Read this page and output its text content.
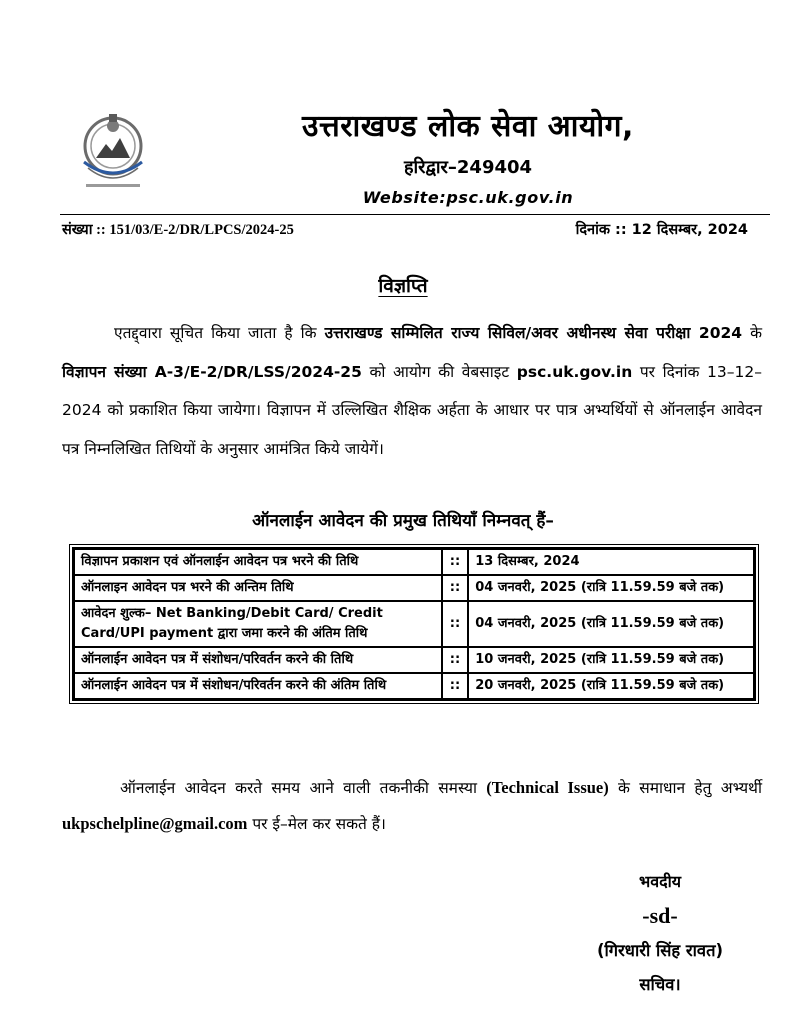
उत्तराखण्ड लोक सेवा आयोग,
हरिद्वार–249404
Website:psc.uk.gov.in
संख्या :: 151/03/E-2/DR/LPCS/2024-25	दिनांक :: 12 दिसम्बर, 2024
विज्ञप्ति
एतद्द्वारा सूचित किया जाता है कि उत्तराखण्ड सम्मिलित राज्य सिविल/अवर अधीनस्थ सेवा परीक्षा 2024 के विज्ञापन संख्या A-3/E-2/DR/LSS/2024-25 को आयोग की वेबसाइट psc.uk.gov.in पर दिनांक 13–12–2024 को प्रकाशित किया जायेगा। विज्ञापन में उल्लिखित शैक्षिक अर्हता के आधार पर पात्र अभ्यर्थियों से ऑनलाईन आवेदन पत्र निम्नलिखित तिथियों के अनुसार आमंत्रित किये जायेगें।
ऑनलाईन आवेदन की प्रमुख तिथियाँ निम्नवत् हैं–
विज्ञापन प्रकाशन एवं ऑनलाईन आवेदन पत्र भरने की तिथि	::	13 दिसम्बर, 2024
ऑनलाइन आवेदन पत्र भरने की अन्तिम तिथि	::	04 जनवरी, 2025 (रात्रि 11.59.59 बजे तक)
आवेदन शुल्क– Net Banking/Debit Card/ Credit Card/UPI payment द्वारा जमा करने की अंतिम तिथि	::	04 जनवरी, 2025 (रात्रि 11.59.59 बजे तक)
ऑनलाईन आवेदन पत्र में संशोधन/परिवर्तन करने की तिथि	::	10 जनवरी, 2025 (रात्रि 11.59.59 बजे तक)
ऑनलाईन आवेदन पत्र में संशोधन/परिवर्तन करने की अंतिम तिथि	::	20 जनवरी, 2025 (रात्रि 11.59.59 बजे तक)
ऑनलाईन आवेदन करते समय आने वाली तकनीकी समस्या (Technical Issue) के समाधान हेतु अभ्यर्थी ukpschelpline@gmail.com पर ई–मेल कर सकते हैं।
भवदीय
-sd-
(गिरधारी सिंह रावत)
सचिव।
